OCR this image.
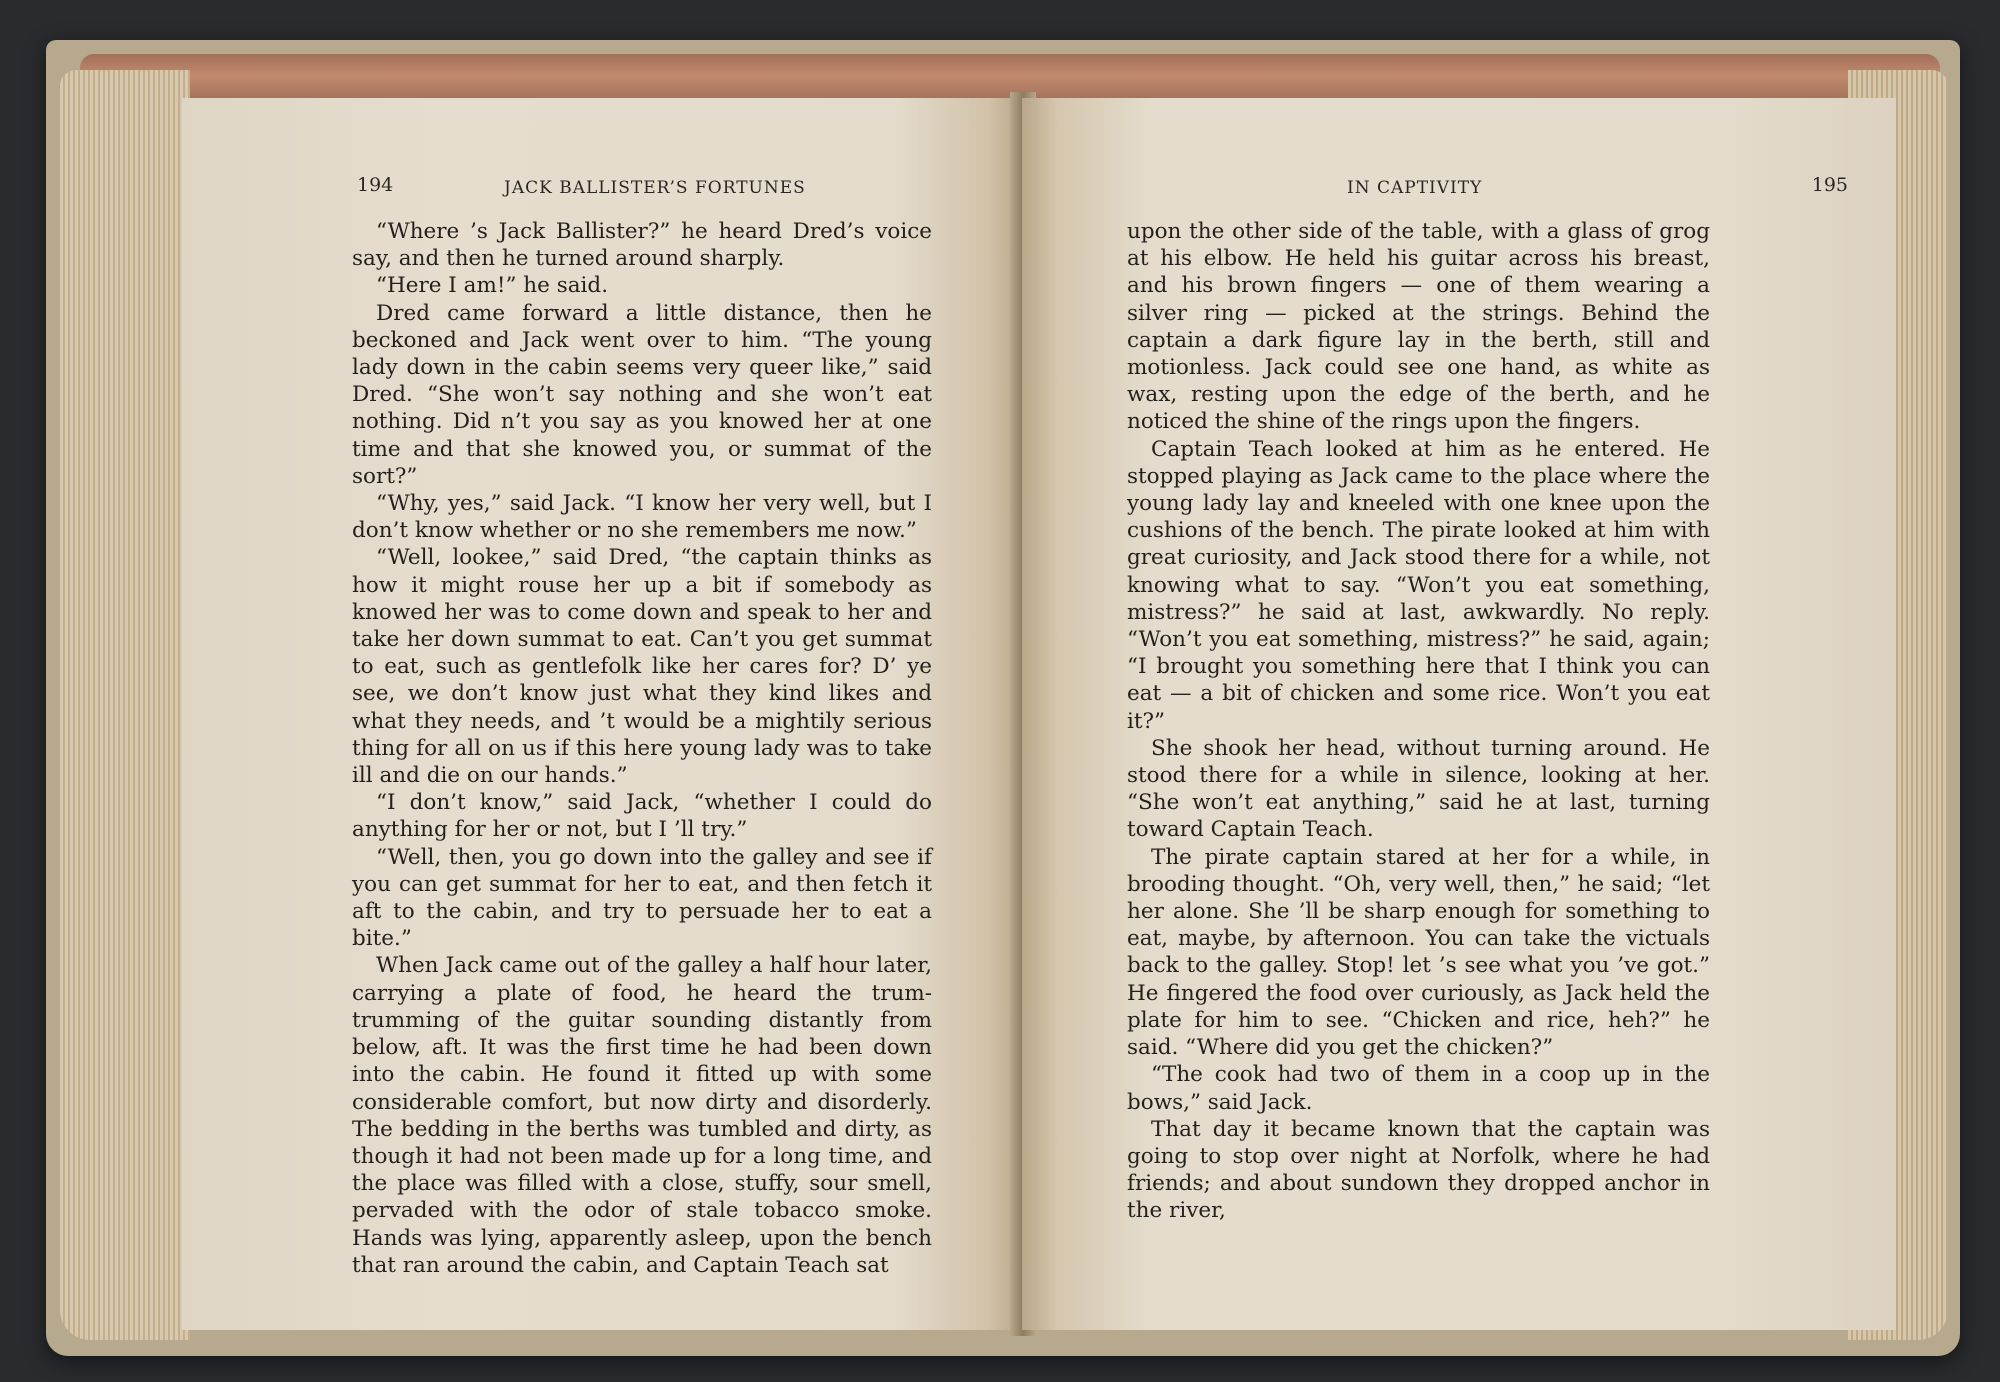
194	JACK BALLISTER’S FORTUNES

“Where ’s Jack Ballister?” he heard Dred’s voice say, and then he turned around sharply.

“Here I am!” he said.

Dred came forward a little distance, then he beckoned and Jack went over to him. “The young lady down in the cabin seems very queer like,” said Dred. “She won’t say nothing and she won’t eat nothing. Did n’t you say as you knowed her at one time and that she knowed you, or summat of the sort?”

“Why, yes,” said Jack. “I know her very well, but I don’t know whether or no she remembers me now.”

“Well, lookee,” said Dred, “the captain thinks as how it might rouse her up a bit if somebody as knowed her was to come down and speak to her and take her down summat to eat. Can’t you get summat to eat, such as gentlefolk like her cares for? D’ ye see, we don’t know just what they kind likes and what they needs, and ’t would be a mightily serious thing for all on us if this here young lady was to take ill and die on our hands.”

“I don’t know,” said Jack, “whether I could do anything for her or not, but I ’ll try.”

“Well, then, you go down into the galley and see if you can get summat for her to eat, and then fetch it aft to the cabin, and try to persuade her to eat a bite.”

When Jack came out of the galley a half hour later, carrying a plate of food, he heard the trum-trumming of the guitar sounding distantly from below, aft. It was the first time he had been down into the cabin. He found it fitted up with some considerable comfort, but now dirty and disorderly. The bedding in the berths was tumbled and dirty, as though it had not been made up for a long time, and the place was filled with a close, stuffy, sour smell, pervaded with the odor of stale tobacco smoke. Hands was lying, apparently asleep, upon the bench that ran around the cabin, and Captain Teach sat

IN CAPTIVITY	195

upon the other side of the table, with a glass of grog at his elbow. He held his guitar across his breast, and his brown fingers — one of them wearing a silver ring — picked at the strings. Behind the captain a dark figure lay in the berth, still and motionless. Jack could see one hand, as white as wax, resting upon the edge of the berth, and he noticed the shine of the rings upon the fingers.

Captain Teach looked at him as he entered. He stopped playing as Jack came to the place where the young lady lay and kneeled with one knee upon the cushions of the bench. The pirate looked at him with great curiosity, and Jack stood there for a while, not knowing what to say. “Won’t you eat something, mistress?” he said at last, awkwardly. No reply. “Won’t you eat something, mistress?” he said, again; “I brought you something here that I think you can eat — a bit of chicken and some rice. Won’t you eat it?”

She shook her head, without turning around. He stood there for a while in silence, looking at her. “She won’t eat anything,” said he at last, turning toward Captain Teach.

The pirate captain stared at her for a while, in brooding thought. “Oh, very well, then,” he said; “let her alone. She ’ll be sharp enough for something to eat, maybe, by afternoon. You can take the victuals back to the galley. Stop! let ’s see what you ’ve got.” He fingered the food over curiously, as Jack held the plate for him to see. “Chicken and rice, heh?” he said. “Where did you get the chicken?”

“The cook had two of them in a coop up in the bows,” said Jack.

That day it became known that the captain was going to stop over night at Norfolk, where he had friends; and about sundown they dropped anchor in the river,
